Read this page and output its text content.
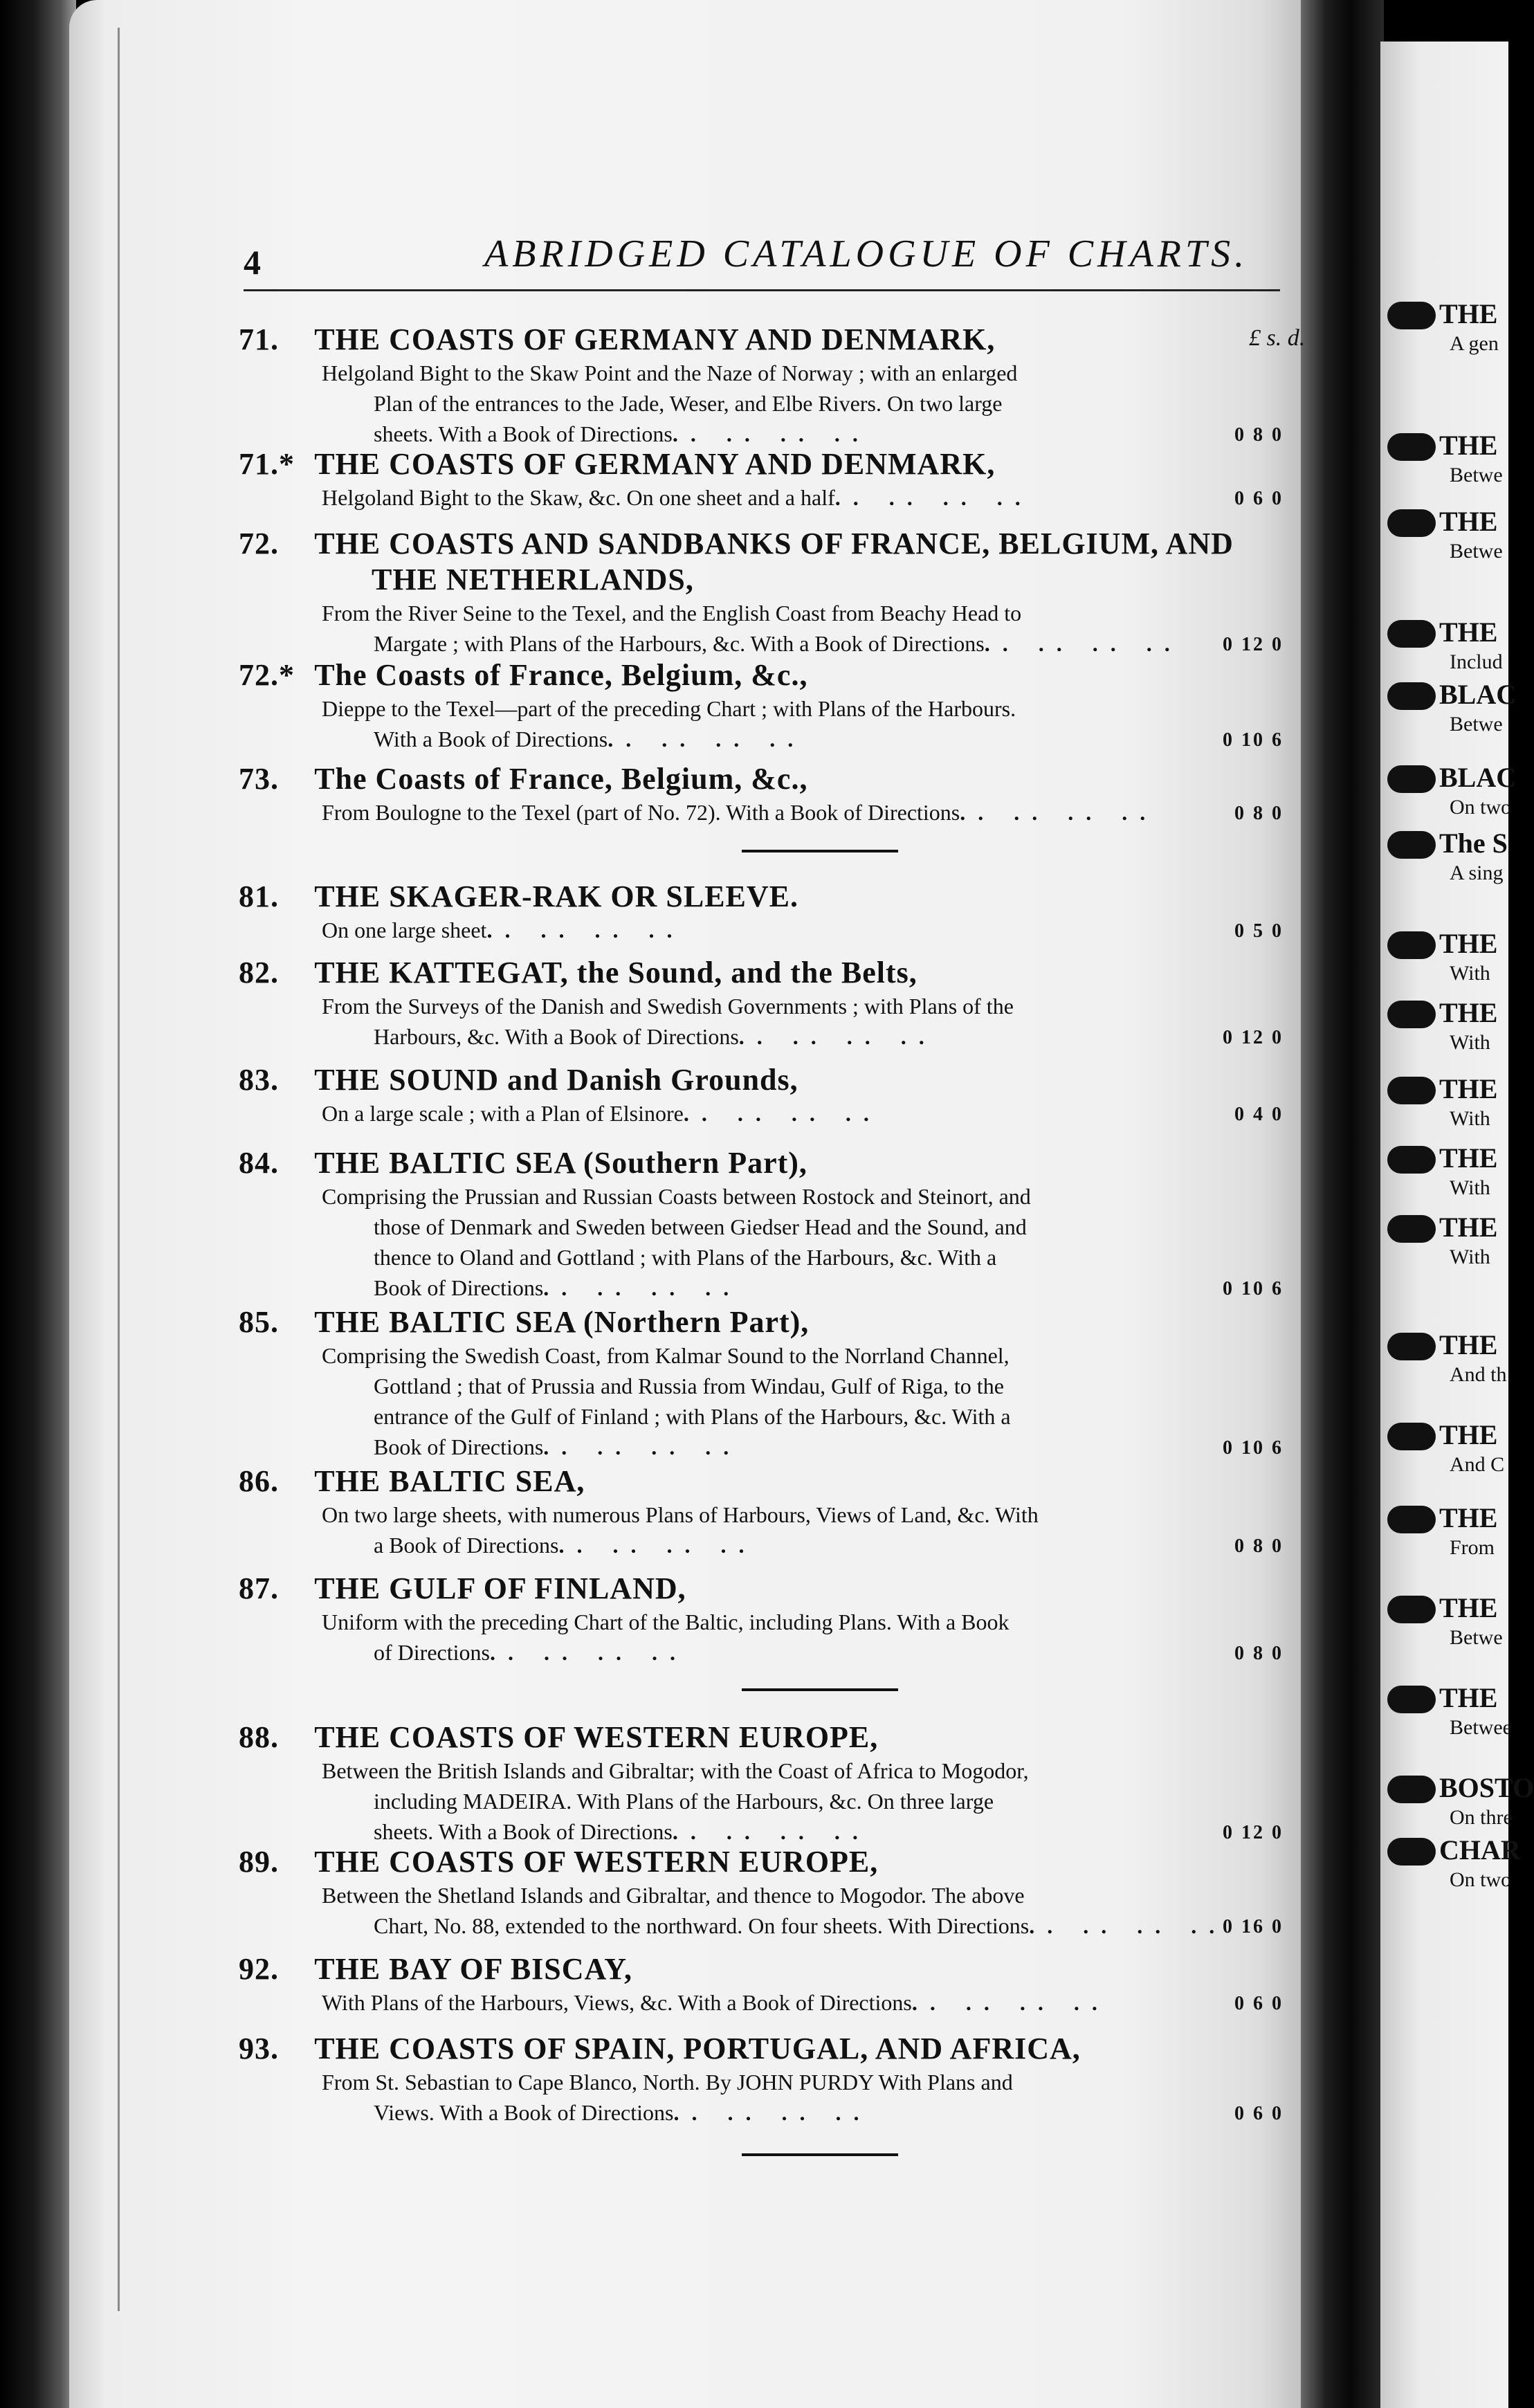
THE
A gen
THE
Betwe
THE
Betwe
THE
Includ
BLAC
Betwe
BLAC
On two
The S
A sing
THE
With
THE
With
THE
With
THE
With
THE
With
THE
And th
THE
And C
THE
From
THE
Betwe
THE
Betwee
BOSTO
On thre
CHAR
On two
4	ABRIDGED CATALOGUE OF CHARTS.
£ s. d.
71. THE COASTS OF GERMANY AND DENMARK,
Helgoland Bight to the Skaw Point and the Naze of Norway ; with an enlarged
Plan of the entrances to the Jade, Weser, and Elbe Rivers. On two large
sheets. With a Book of Directions.. .. .. ..	0 8 0
71.* THE COASTS OF GERMANY AND DENMARK,
Helgoland Bight to the Skaw, &c. On one sheet and a half.. .. .. ..	0 6 0
72. THE COASTS AND SANDBANKS OF FRANCE, BELGIUM, AND
THE NETHERLANDS,
From the River Seine to the Texel, and the English Coast from Beachy Head to
Margate ; with Plans of the Harbours, &c. With a Book of Directions.. .. .. ..	0 12 0
72.* The Coasts of France, Belgium, &c.,
Dieppe to the Texel—part of the preceding Chart ; with Plans of the Harbours.
With a Book of Directions.. .. .. ..	0 10 6
73. The Coasts of France, Belgium, &c.,
From Boulogne to the Texel (part of No. 72). With a Book of Directions.. .. .. ..	0 8 0
81. THE SKAGER-RAK OR SLEEVE.
On one large sheet.. .. .. ..	0 5 0
82. THE KATTEGAT, the Sound, and the Belts,
From the Surveys of the Danish and Swedish Governments ; with Plans of the
Harbours, &c. With a Book of Directions.. .. .. ..	0 12 0
83. THE SOUND and Danish Grounds,
On a large scale ; with a Plan of Elsinore.. .. .. ..	0 4 0
84. THE BALTIC SEA (Southern Part),
Comprising the Prussian and Russian Coasts between Rostock and Steinort, and
those of Denmark and Sweden between Giedser Head and the Sound, and
thence to Oland and Gottland ; with Plans of the Harbours, &c. With a
Book of Directions.. .. .. ..	0 10 6
85. THE BALTIC SEA (Northern Part),
Comprising the Swedish Coast, from Kalmar Sound to the Norrland Channel,
Gottland ; that of Prussia and Russia from Windau, Gulf of Riga, to the
entrance of the Gulf of Finland ; with Plans of the Harbours, &c. With a
Book of Directions.. .. .. ..	0 10 6
86. THE BALTIC SEA,
On two large sheets, with numerous Plans of Harbours, Views of Land, &c. With
a Book of Directions.. .. .. ..	0 8 0
87. THE GULF OF FINLAND,
Uniform with the preceding Chart of the Baltic, including Plans. With a Book
of Directions.. .. .. ..	0 8 0
88. THE COASTS OF WESTERN EUROPE,
Between the British Islands and Gibraltar; with the Coast of Africa to Mogodor,
including MADEIRA. With Plans of the Harbours, &c. On three large
sheets. With a Book of Directions.. .. .. ..	0 12 0
89. THE COASTS OF WESTERN EUROPE,
Between the Shetland Islands and Gibraltar, and thence to Mogodor. The above
Chart, No. 88, extended to the northward. On four sheets. With Directions.. .. .. ..
0 16 0
92. THE BAY OF BISCAY,
With Plans of the Harbours, Views, &c. With a Book of Directions.. .. .. ..	0 6 0
93. THE COASTS OF SPAIN, PORTUGAL, AND AFRICA,
From St. Sebastian to Cape Blanco, North. By JOHN PURDY With Plans and
Views. With a Book of Directions.. .. .. ..	0 6 0
